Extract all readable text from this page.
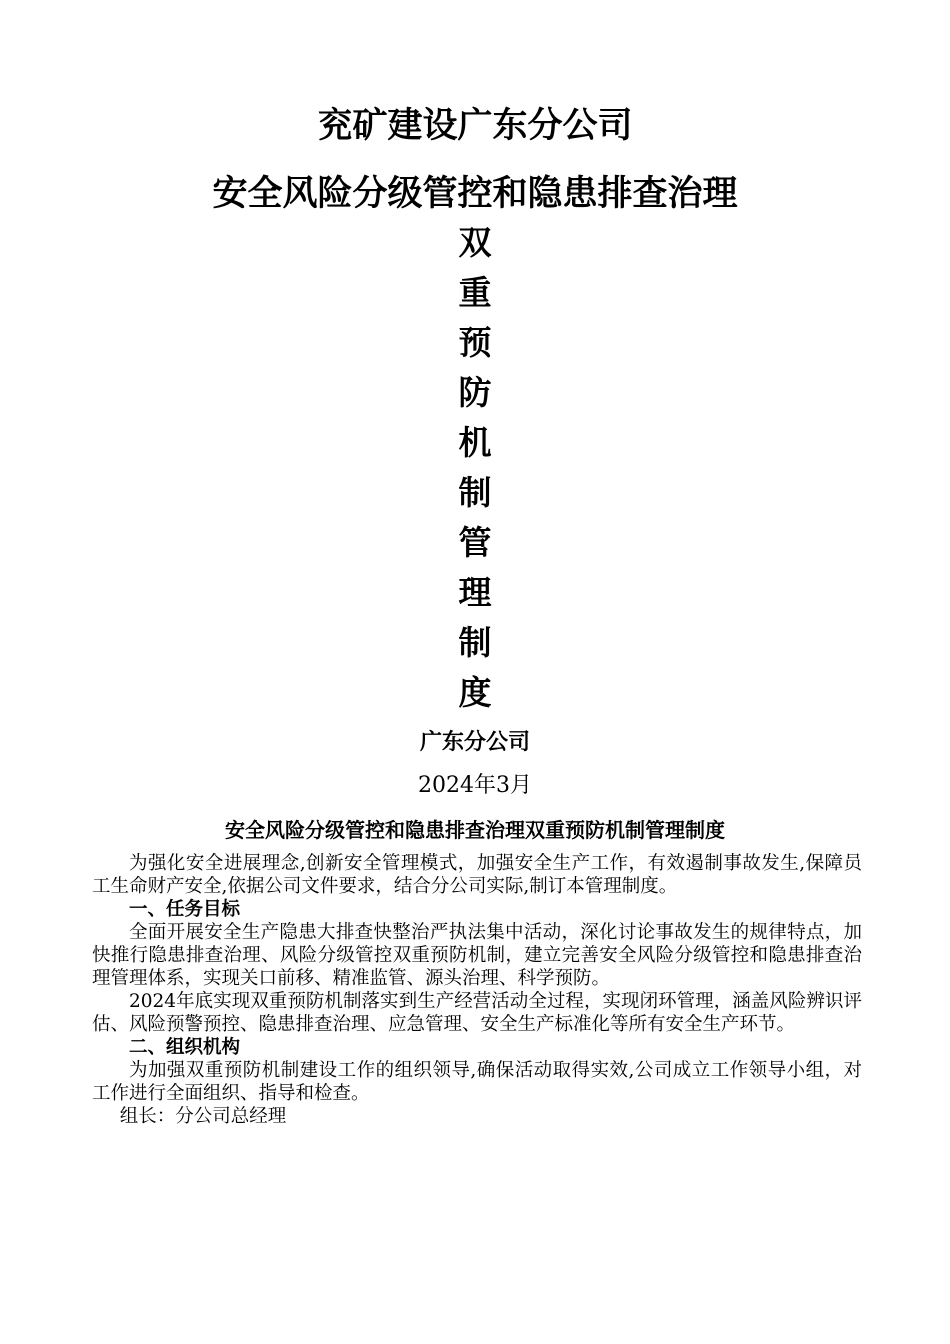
兖矿建设广东分公司
安全风险分级管控和隐患排查治理
双
重
预
防
机
制
管
理
制
度
广东分公司
2024年3月
安全风险分级管控和隐患排查治理双重预防机制管理制度

为强化安全进展理念,创新安全管理模式，加强安全生产工作，有效遏制事故发生,保障员工生命财产安全,依据公司文件要求，结合分公司实际,制订本管理制度。

一、任务目标

全面开展安全生产隐患大排查快整治严执法集中活动，深化讨论事故发生的规律特点，加快推行隐患排查治理、风险分级管控双重预防机制，建立完善安全风险分级管控和隐患排查治理管理体系，实现关口前移、精准监管、源头治理、科学预防。

2024年底实现双重预防机制落实到生产经营活动全过程，实现闭环管理，涵盖风险辨识评估、风险预警预控、隐患排查治理、应急管理、安全生产标准化等所有安全生产环节。

二、组织机构

为加强双重预防机制建设工作的组织领导,确保活动取得实效,公司成立工作领导小组，对工作进行全面组织、指导和检查。

组长：分公司总经理
